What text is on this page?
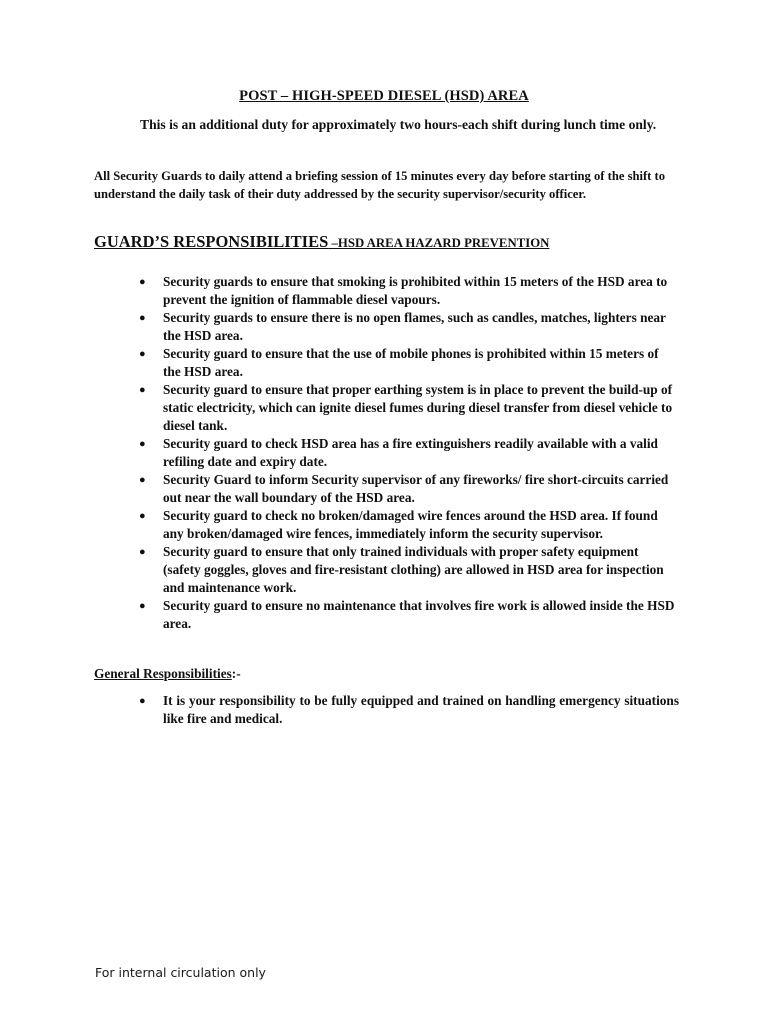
POST – HIGH-SPEED DIESEL (HSD) AREA
This is an additional duty for approximately two hours-each shift during lunch time only.
All Security Guards to daily attend a briefing session of 15 minutes every day before starting of the shift to understand the daily task of their duty addressed by the security supervisor/security officer.
GUARD’S RESPONSIBILITIES –HSD AREA HAZARD PREVENTION
● Security guards to ensure that smoking is prohibited within 15 meters of the HSD area to prevent the ignition of flammable diesel vapours.
● Security guards to ensure there is no open flames, such as candles, matches, lighters near the HSD area.
● Security guard to ensure that the use of mobile phones is prohibited within 15 meters of the HSD area.
● Security guard to ensure that proper earthing system is in place to prevent the build-up of static electricity, which can ignite diesel fumes during diesel transfer from diesel vehicle to diesel tank.
● Security guard to check HSD area has a fire extinguishers readily available with a valid refiling date and expiry date.
● Security Guard to inform Security supervisor of any fireworks/ fire short-circuits carried out near the wall boundary of the HSD area.
● Security guard to check no broken/damaged wire fences around the HSD area. If found any broken/damaged wire fences, immediately inform the security supervisor.
● Security guard to ensure that only trained individuals with proper safety equipment (safety goggles, gloves and fire-resistant clothing) are allowed in HSD area for inspection and maintenance work.
● Security guard to ensure no maintenance that involves fire work is allowed inside the HSD area.
General Responsibilities:-
● It is your responsibility to be fully equipped and trained on handling emergency situations like fire and medical.
For internal circulation only
